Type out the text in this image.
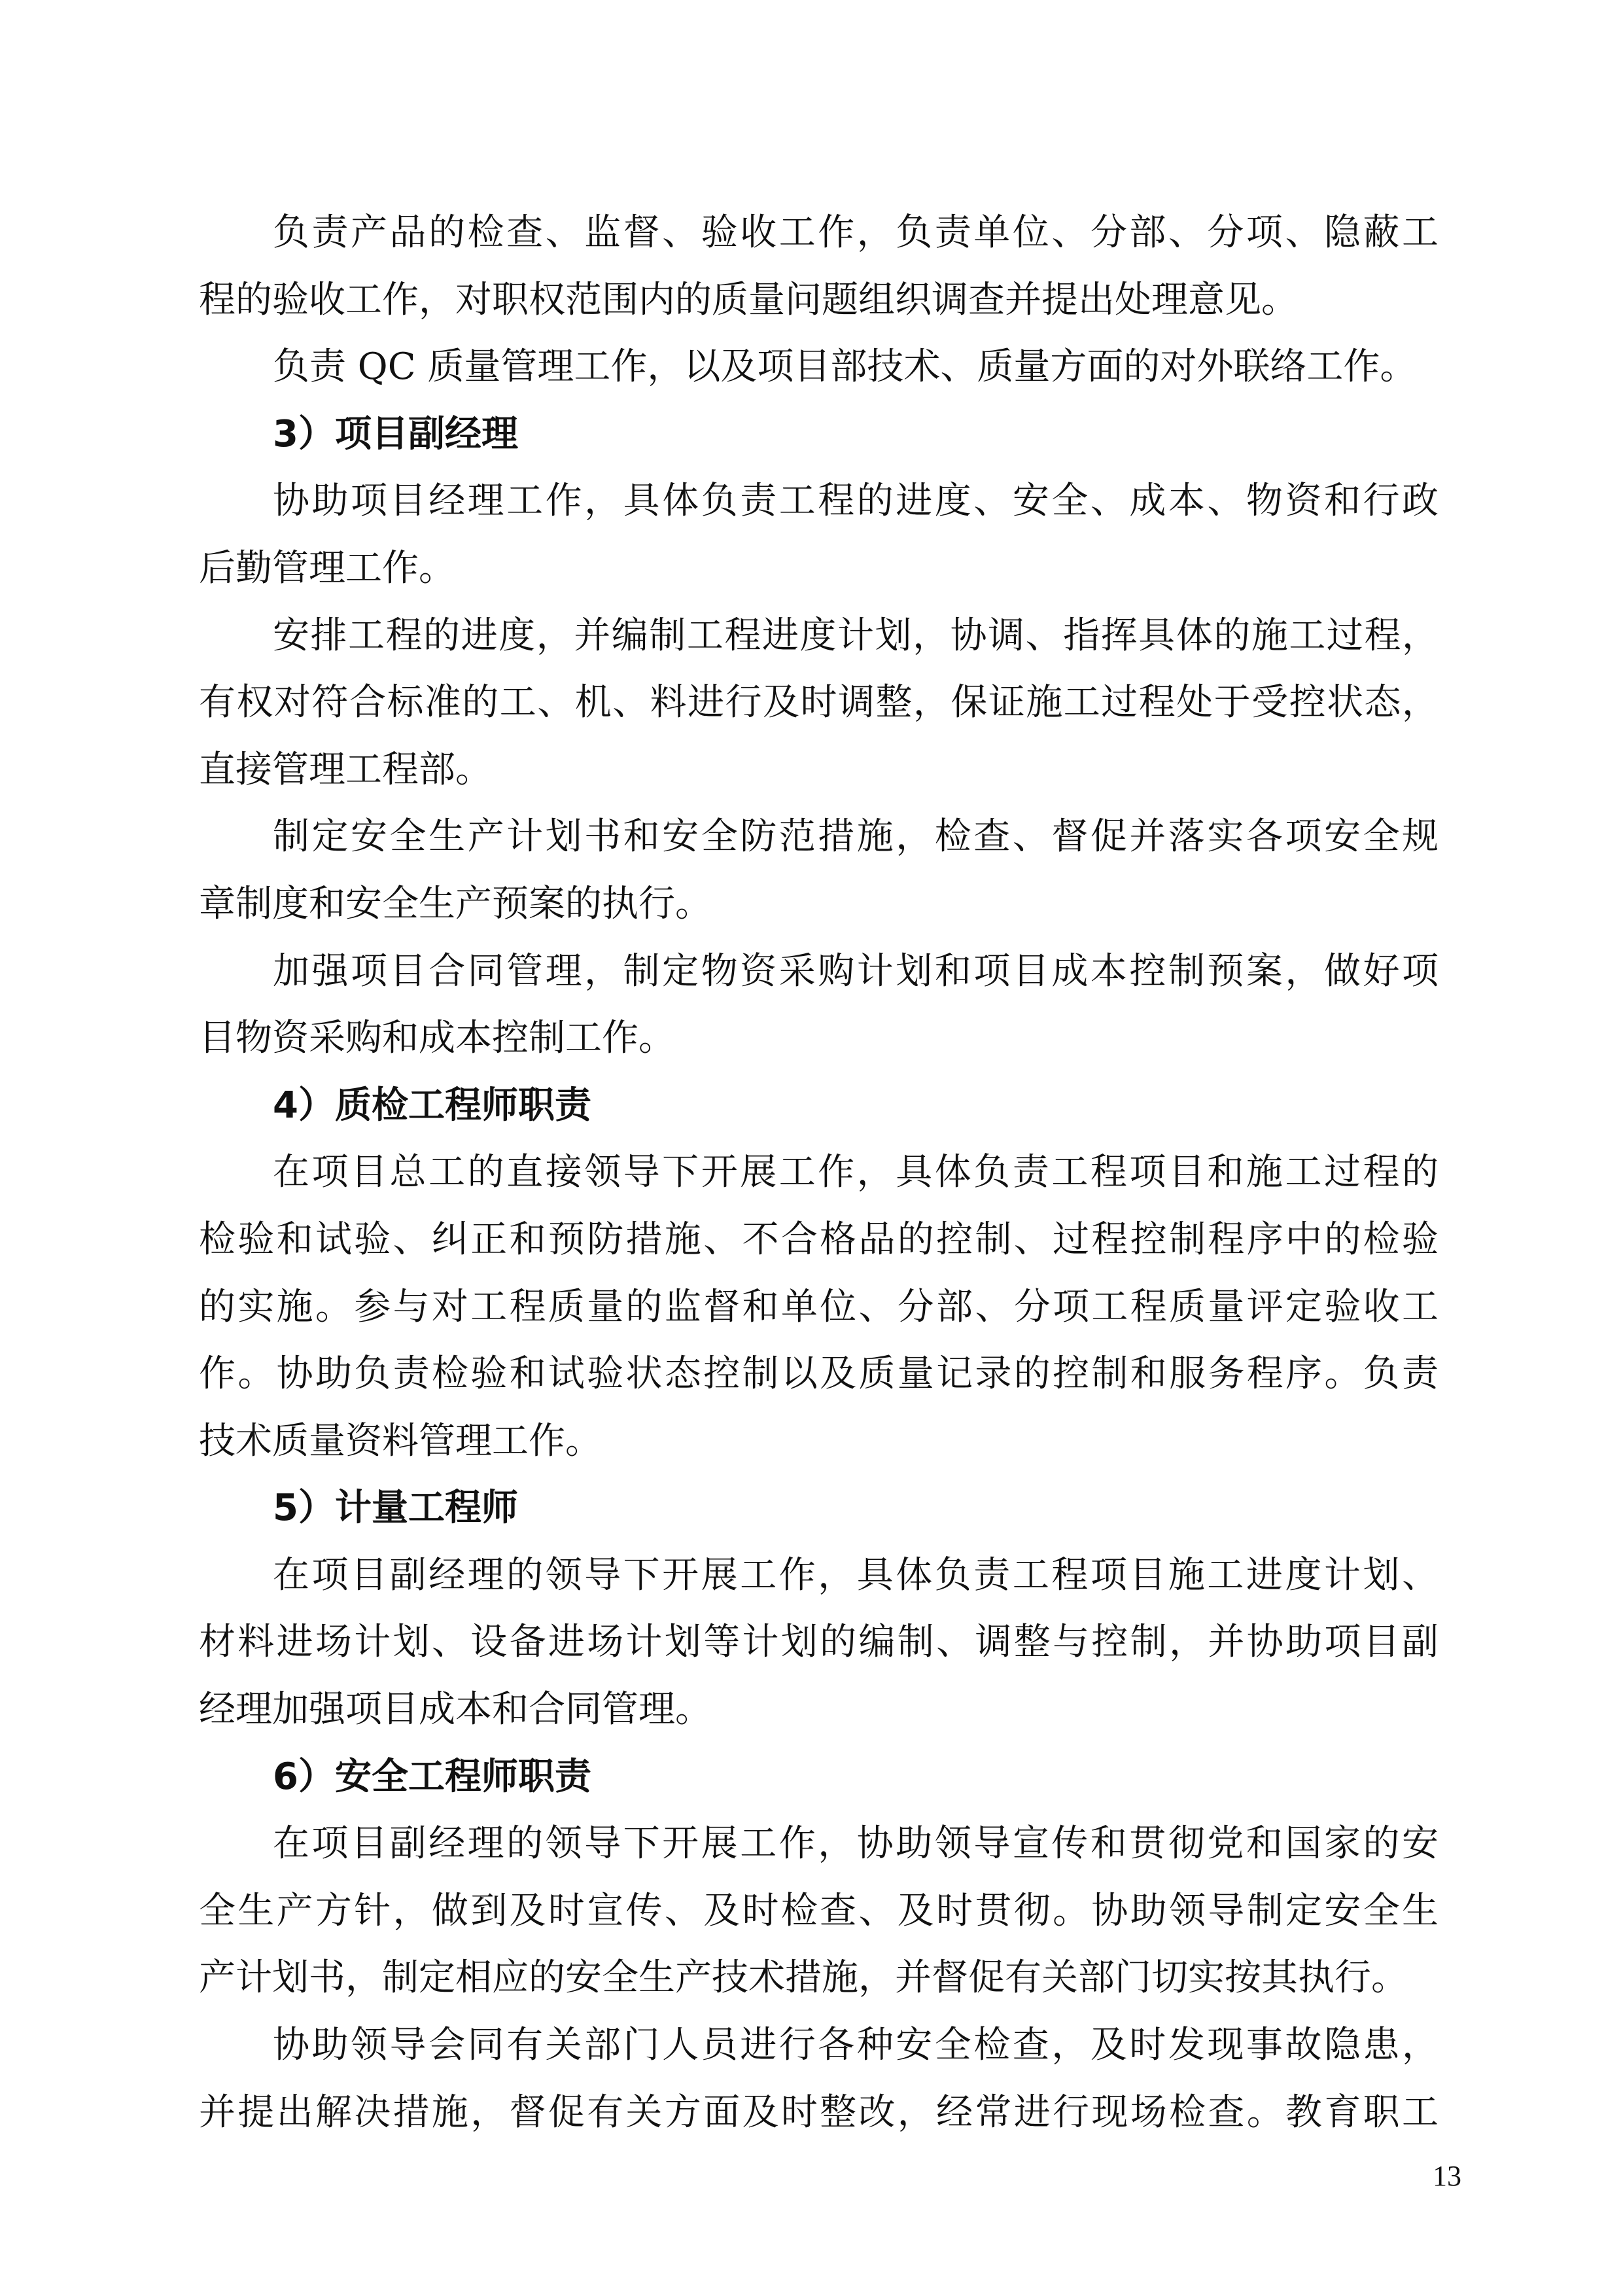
负责产品的检查、监督、验收工作，负责单位、分部、分项、隐蔽工
程的验收工作，对职权范围内的质量问题组织调查并提出处理意见。
负责 QC 质量管理工作，以及项目部技术、质量方面的对外联络工作。
3）项目副经理
协助项目经理工作，具体负责工程的进度、安全、成本、物资和行政
后勤管理工作。
安排工程的进度，并编制工程进度计划，协调、指挥具体的施工过程，
有权对符合标准的工、机、料进行及时调整，保证施工过程处于受控状态，
直接管理工程部。
制定安全生产计划书和安全防范措施，检查、督促并落实各项安全规
章制度和安全生产预案的执行。
加强项目合同管理，制定物资采购计划和项目成本控制预案，做好项
目物资采购和成本控制工作。
4）质检工程师职责
在项目总工的直接领导下开展工作，具体负责工程项目和施工过程的
检验和试验、纠正和预防措施、不合格品的控制、过程控制程序中的检验
的实施。参与对工程质量的监督和单位、分部、分项工程质量评定验收工
作。协助负责检验和试验状态控制以及质量记录的控制和服务程序。负责
技术质量资料管理工作。
5）计量工程师
在项目副经理的领导下开展工作，具体负责工程项目施工进度计划、
材料进场计划、设备进场计划等计划的编制、调整与控制，并协助项目副
经理加强项目成本和合同管理。
6）安全工程师职责
在项目副经理的领导下开展工作，协助领导宣传和贯彻党和国家的安
全生产方针，做到及时宣传、及时检查、及时贯彻。协助领导制定安全生
产计划书，制定相应的安全生产技术措施，并督促有关部门切实按其执行。
协助领导会同有关部门人员进行各种安全检查，及时发现事故隐患，
并提出解决措施，督促有关方面及时整改，经常进行现场检查。教育职工
13
